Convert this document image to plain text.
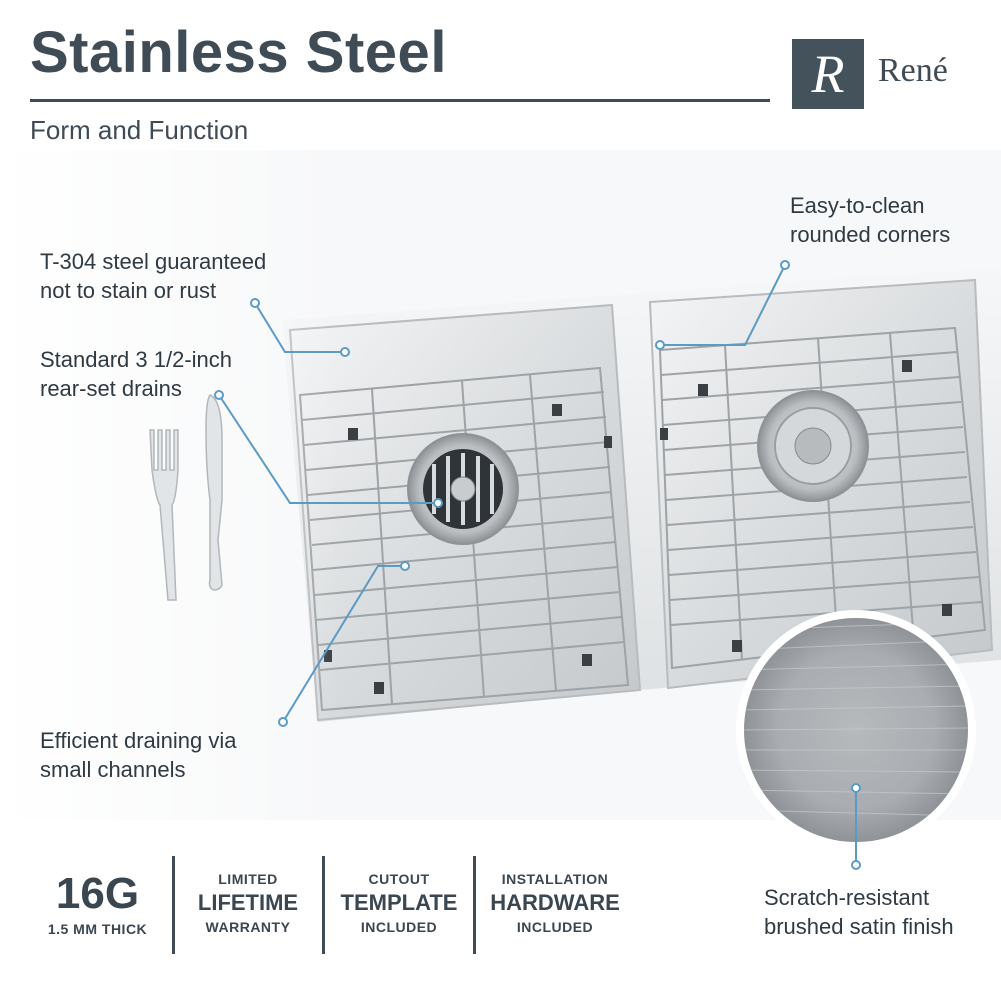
Stainless Steel
Form and Function
R René
T-304 steel guaranteed
not to stain or rust
Standard 3 1/2-inch
rear-set drains
Efficient draining via
small channels
Easy-to-clean
rounded corners
Scratch-resistant
brushed satin finish
16G
1.5 MM THICK
LIMITED
LIFETIME
WARRANTY
CUTOUT
TEMPLATE
INCLUDED
INSTALLATION
HARDWARE
INCLUDED
